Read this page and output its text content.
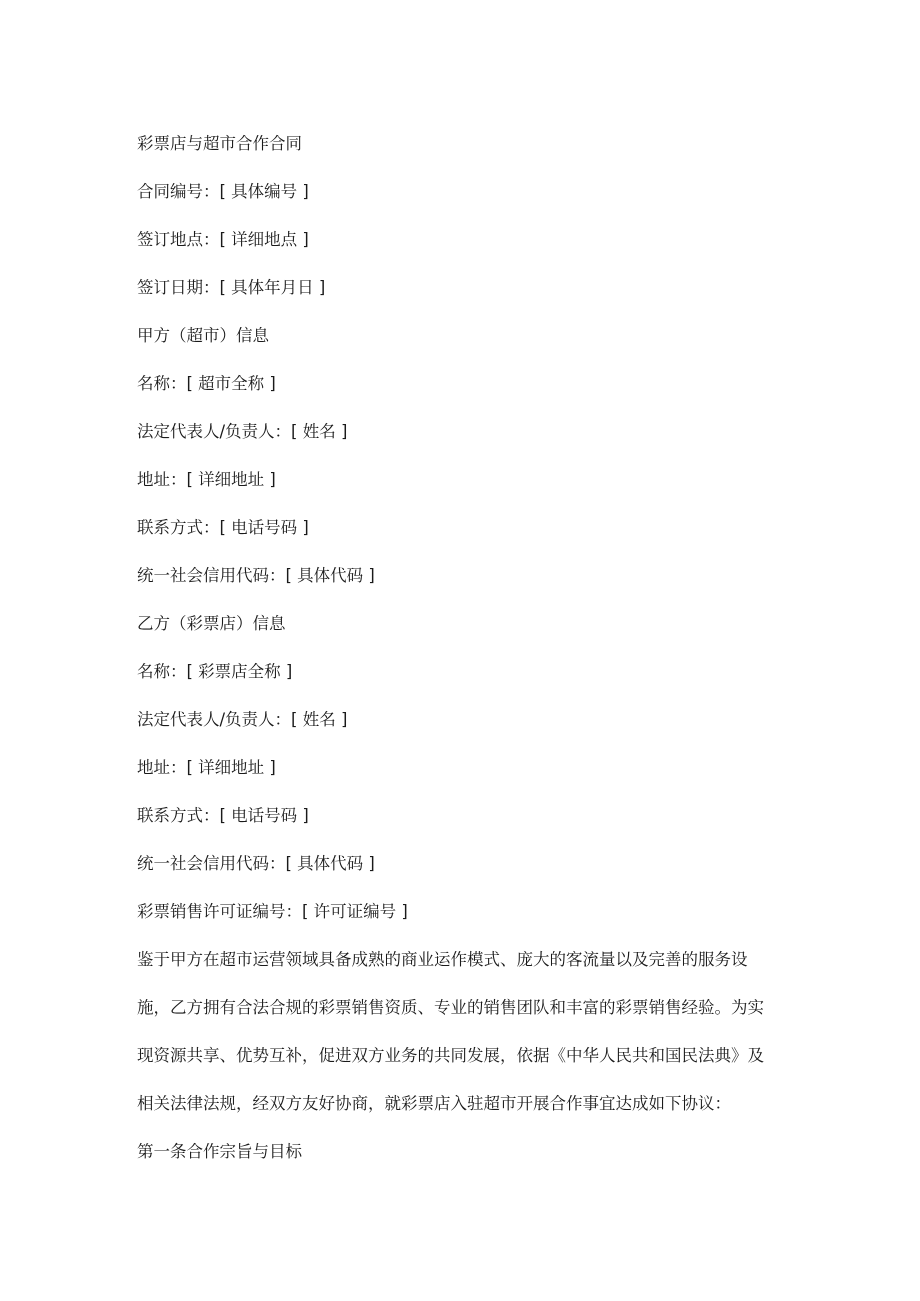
彩票店与超市合作合同
合同编号：[ 具体编号 ]
签订地点：[ 详细地点 ]
签订日期：[ 具体年月日 ]
甲方（超市）信息
名称：[ 超市全称 ]
法定代表人/负责人：[ 姓名 ]
地址：[ 详细地址 ]
联系方式：[ 电话号码 ]
统一社会信用代码：[ 具体代码 ]
乙方（彩票店）信息
名称：[ 彩票店全称 ]
法定代表人/负责人：[ 姓名 ]
地址：[ 详细地址 ]
联系方式：[ 电话号码 ]
统一社会信用代码：[ 具体代码 ]
彩票销售许可证编号：[ 许可证编号 ]
鉴于甲方在超市运营领域具备成熟的商业运作模式、庞大的客流量以及完善的服务设
施，乙方拥有合法合规的彩票销售资质、专业的销售团队和丰富的彩票销售经验。为实
现资源共享、优势互补，促进双方业务的共同发展，依据《中华人民共和国民法典》及
相关法律法规，经双方友好协商，就彩票店入驻超市开展合作事宜达成如下协议：
第一条合作宗旨与目标
